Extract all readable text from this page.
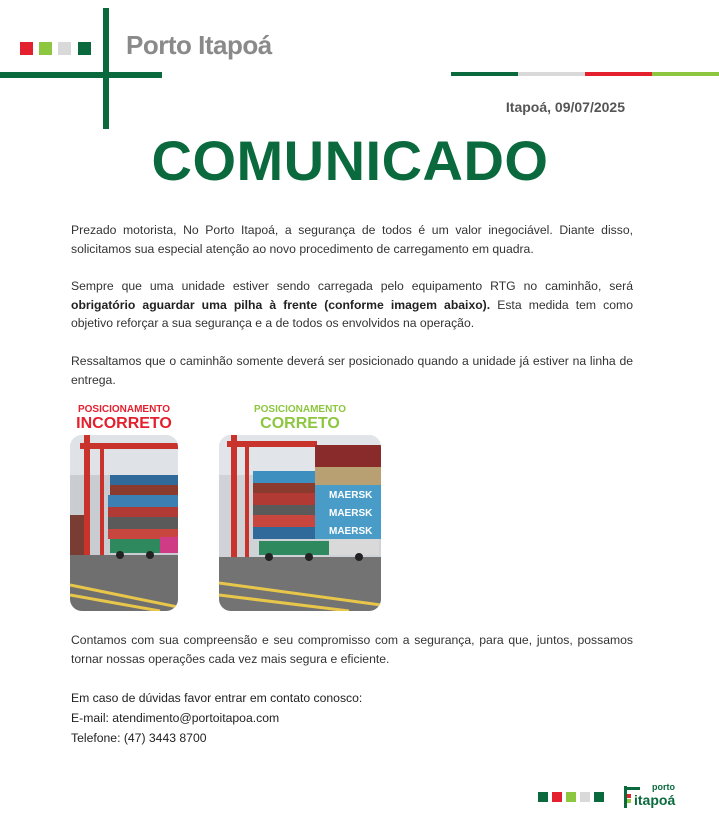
Porto Itapoá
Itapoá, 09/07/2025
COMUNICADO
Prezado motorista, No Porto Itapoá, a segurança de todos é um valor inegociável. Diante disso, solicitamos sua especial atenção ao novo procedimento de carregamento em quadra.
Sempre que uma unidade estiver sendo carregada pelo equipamento RTG no caminhão, será obrigatório aguardar uma pilha à frente (conforme imagem abaixo). Esta medida tem como objetivo reforçar a sua segurança e a de todos os envolvidos na operação.
Ressaltamos que o caminhão somente deverá ser posicionado quando a unidade já estiver na linha de entrega.
POSICIONAMENTO
INCORRETO
POSICIONAMENTO
CORRETO
MAERSK
MAERSK
MAERSK
Contamos com sua compreensão e seu compromisso com a segurança, para que, juntos, possamos tornar nossas operações cada vez mais segura e eficiente.
Em caso de dúvidas favor entrar em contato conosco:
E-mail: atendimento@portoitapoa.com
Telefone: (47) 3443 8700
porto
itapoá
